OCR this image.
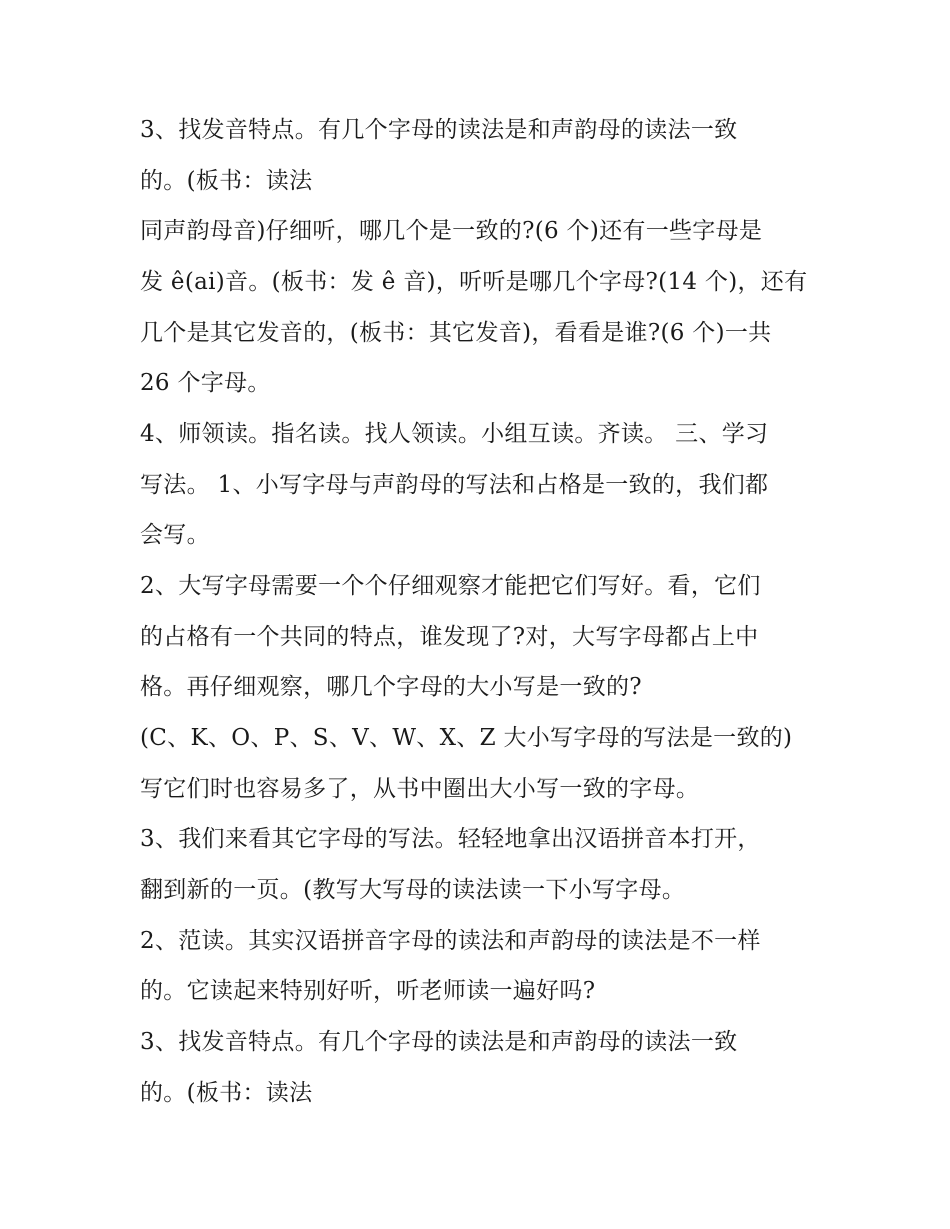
3、找发音特点。有几个字母的读法是和声韵母的读法一致
的。(板书：读法
同声韵母音)仔细听，哪几个是一致的?(6 个)还有一些字母是
发 ê(ai)音。(板书：发 ê 音)，听听是哪几个字母?(14 个)，还有
几个是其它发音的，(板书：其它发音)，看看是谁?(6 个)一共
26 个字母。
4、师领读。指名读。找人领读。小组互读。齐读。 三、学习
写法。 1、小写字母与声韵母的写法和占格是一致的，我们都
会写。
2、大写字母需要一个个仔细观察才能把它们写好。看，它们
的占格有一个共同的特点，谁发现了?对，大写字母都占上中
格。再仔细观察，哪几个字母的大小写是一致的?
(C、K、O、P、S、V、W、X、Z 大小写字母的写法是一致的)
写它们时也容易多了，从书中圈出大小写一致的字母。
3、我们来看其它字母的写法。轻轻地拿出汉语拼音本打开，
翻到新的一页。(教写大写母的读法读一下小写字母。
2、范读。其实汉语拼音字母的读法和声韵母的读法是不一样
的。它读起来特别好听，听老师读一遍好吗?
3、找发音特点。有几个字母的读法是和声韵母的读法一致
的。(板书：读法
